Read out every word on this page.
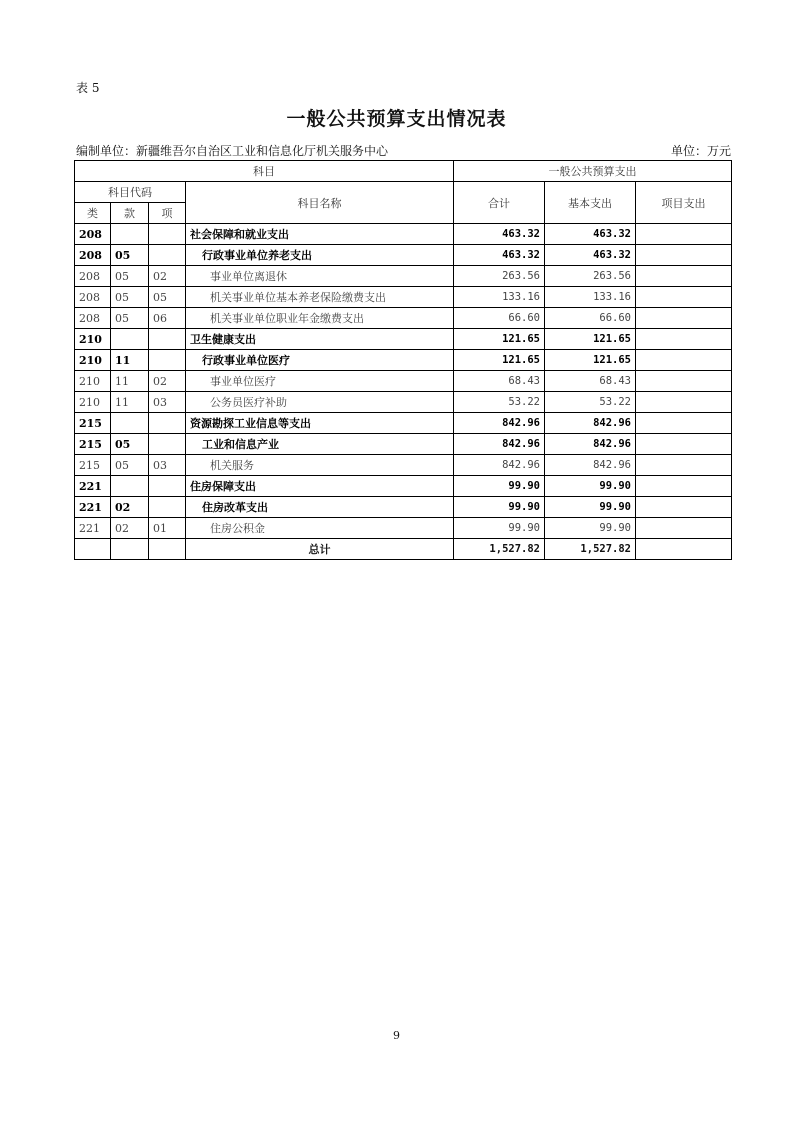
表 5
一般公共预算支出情况表
编制单位：新疆维吾尔自治区工业和信息化厅机关服务中心	单位：万元
科目				一般公共预算支出		
科目代码			科目名称	合计	基本支出	项目支出
类	款	项				
208			社会保障和就业支出	463.32	463.32	
208	05		行政事业单位养老支出	463.32	463.32	
208	05	02	事业单位离退休	263.56	263.56	
208	05	05	机关事业单位基本养老保险缴费支出	133.16	133.16	
208	05	06	机关事业单位职业年金缴费支出	66.60	66.60	
210			卫生健康支出	121.65	121.65	
210	11		行政事业单位医疗	121.65	121.65	
210	11	02	事业单位医疗	68.43	68.43	
210	11	03	公务员医疗补助	53.22	53.22	
215			资源勘探工业信息等支出	842.96	842.96	
215	05		工业和信息产业	842.96	842.96	
215	05	03	机关服务	842.96	842.96	
221			住房保障支出	99.90	99.90	
221	02		住房改革支出	99.90	99.90	
221	02	01	住房公积金	99.90	99.90	
			总计	1,527.82	1,527.82	
9
